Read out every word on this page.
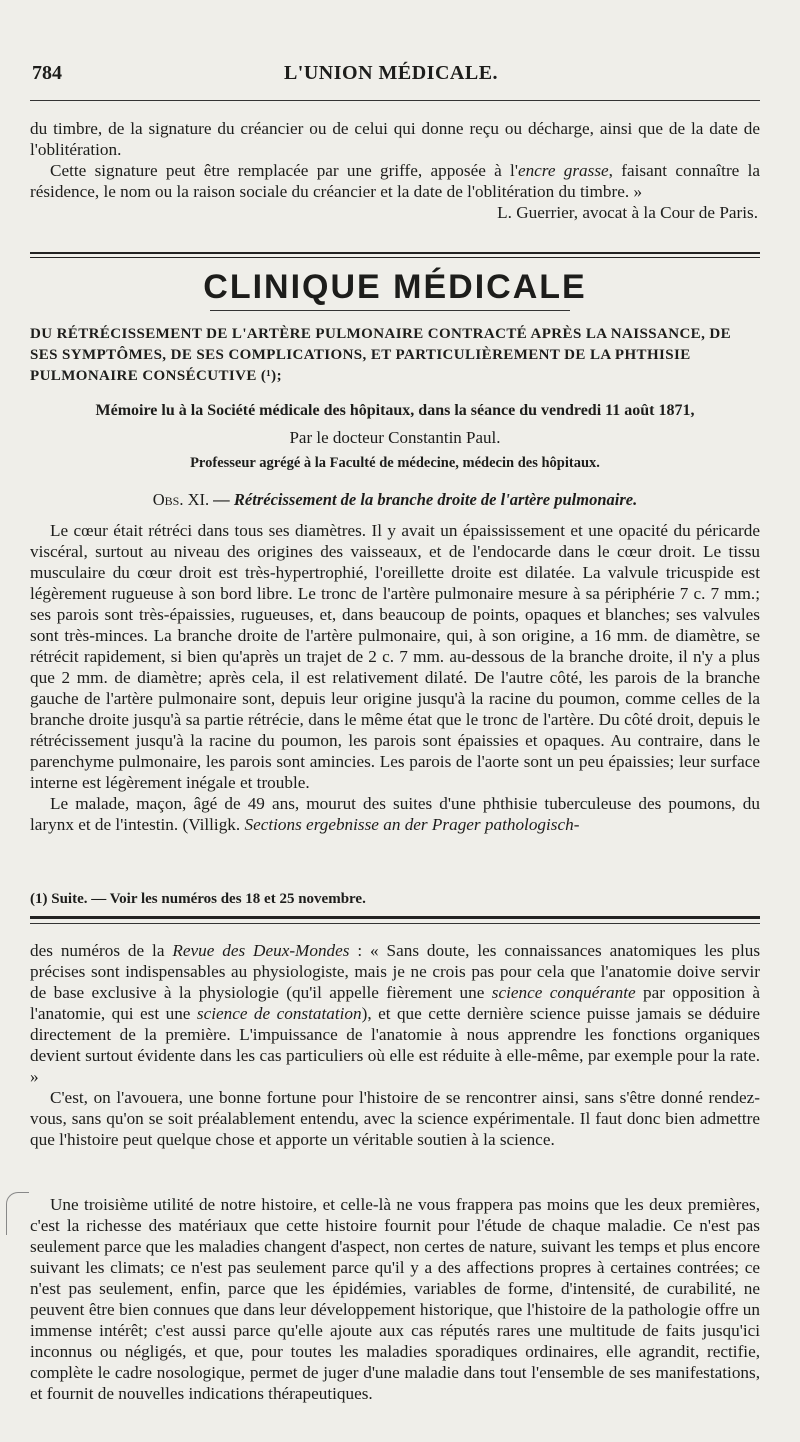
784	L'UNION MÉDICALE.

du timbre, de la signature du créancier ou de celui qui donne reçu ou décharge, ainsi que de la date de l'oblitération.

Cette signature peut être remplacée par une griffe, apposée à l'encre grasse, faisant connaître la résidence, le nom ou la raison sociale du créancier et la date de l'oblitération du timbre. »

L. Guerrier, avocat à la Cour de Paris.

CLINIQUE MÉDICALE
DU RÉTRÉCISSEMENT DE L'ARTÈRE PULMONAIRE CONTRACTÉ APRÈS LA NAISSANCE, DE SES SYMPTÔMES, DE SES COMPLICATIONS, ET PARTICULIÈREMENT DE LA PHTHISIE PULMONAIRE CONSÉCUTIVE (¹);
Mémoire lu à la Société médicale des hôpitaux, dans la séance du vendredi 11 août 1871,
Par le docteur Constantin Paul.
Professeur agrégé à la Faculté de médecine, médecin des hôpitaux.
Obs. XI. — Rétrécissement de la branche droite de l'artère pulmonaire.

Le cœur était rétréci dans tous ses diamètres. Il y avait un épaississement et une opacité du péricarde viscéral, surtout au niveau des origines des vaisseaux, et de l'endocarde dans le cœur droit. Le tissu musculaire du cœur droit est très-hypertrophié, l'oreillette droite est dilatée. La valvule tricuspide est légèrement rugueuse à son bord libre. Le tronc de l'artère pulmonaire mesure à sa périphérie 7 c. 7 mm.; ses parois sont très-épaissies, rugueuses, et, dans beaucoup de points, opaques et blanches; ses valvules sont très-minces. La branche droite de l'artère pulmonaire, qui, à son origine, a 16 mm. de diamètre, se rétrécit rapidement, si bien qu'après un trajet de 2 c. 7 mm. au-dessous de la branche droite, il n'y a plus que 2 mm. de diamètre; après cela, il est relativement dilaté. De l'autre côté, les parois de la branche gauche de l'artère pulmonaire sont, depuis leur origine jusqu'à la racine du poumon, comme celles de la branche droite jusqu'à sa partie rétrécie, dans le même état que le tronc de l'artère. Du côté droit, depuis le rétrécissement jusqu'à la racine du poumon, les parois sont épaissies et opaques. Au contraire, dans le parenchyme pulmonaire, les parois sont amincies. Les parois de l'aorte sont un peu épaissies; leur surface interne est légèrement inégale et trouble.

Le malade, maçon, âgé de 49 ans, mourut des suites d'une phthisie tuberculeuse des poumons, du larynx et de l'intestin. (Villigk. Sections ergebnisse an der Prager pathologisch-

(1) Suite. — Voir les numéros des 18 et 25 novembre.

des numéros de la Revue des Deux-Mondes : « Sans doute, les connaissances anatomiques les plus précises sont indispensables au physiologiste, mais je ne crois pas pour cela que l'anatomie doive servir de base exclusive à la physiologie (qu'il appelle fièrement une science conquérante par opposition à l'anatomie, qui est une science de constatation), et que cette dernière science puisse jamais se déduire directement de la première. L'impuissance de l'anatomie à nous apprendre les fonctions organiques devient surtout évidente dans les cas particuliers où elle est réduite à elle-même, par exemple pour la rate. »

C'est, on l'avouera, une bonne fortune pour l'histoire de se rencontrer ainsi, sans s'être donné rendez-vous, sans qu'on se soit préalablement entendu, avec la science expérimentale. Il faut donc bien admettre que l'histoire peut quelque chose et apporte un véritable soutien à la science.

Une troisième utilité de notre histoire, et celle-là ne vous frappera pas moins que les deux premières, c'est la richesse des matériaux que cette histoire fournit pour l'étude de chaque maladie. Ce n'est pas seulement parce que les maladies changent d'aspect, non certes de nature, suivant les temps et plus encore suivant les climats; ce n'est pas seulement parce qu'il y a des affections propres à certaines contrées; ce n'est pas seulement, enfin, parce que les épidémies, variables de forme, d'intensité, de curabilité, ne peuvent être bien connues que dans leur développement historique, que l'histoire de la pathologie offre un immense intérêt; c'est aussi parce qu'elle ajoute aux cas réputés rares une multitude de faits jusqu'ici inconnus ou négligés, et que, pour toutes les maladies sporadiques ordinaires, elle agrandit, rectifie, complète le cadre nosologique, permet de juger d'une maladie dans tout l'ensemble de ses manifestations, et fournit de nouvelles indications thérapeutiques.
